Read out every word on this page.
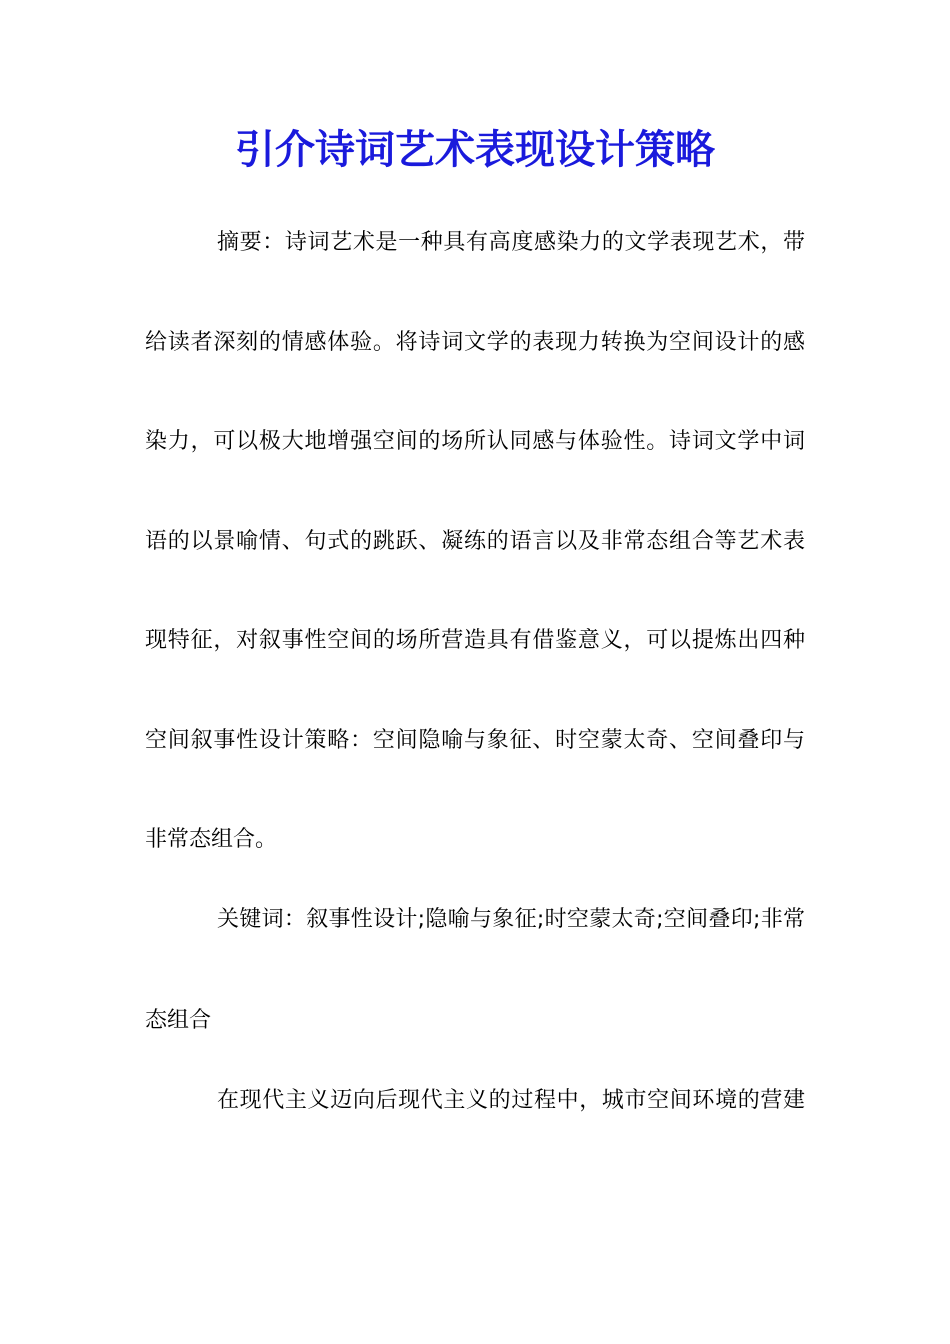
引介诗词艺术表现设计策略

摘要：诗词艺术是一种具有高度感染力的文学表现艺术，带

给读者深刻的情感体验。将诗词文学的表现力转换为空间设计的感

染力，可以极大地增强空间的场所认同感与体验性。诗词文学中词

语的以景喻情、句式的跳跃、凝练的语言以及非常态组合等艺术表

现特征，对叙事性空间的场所营造具有借鉴意义，可以提炼出四种

空间叙事性设计策略：空间隐喻与象征、时空蒙太奇、空间叠印与

非常态组合。

关键词：叙事性设计;隐喻与象征;时空蒙太奇;空间叠印;非常

态组合

在现代主义迈向后现代主义的过程中，城市空间环境的营建
